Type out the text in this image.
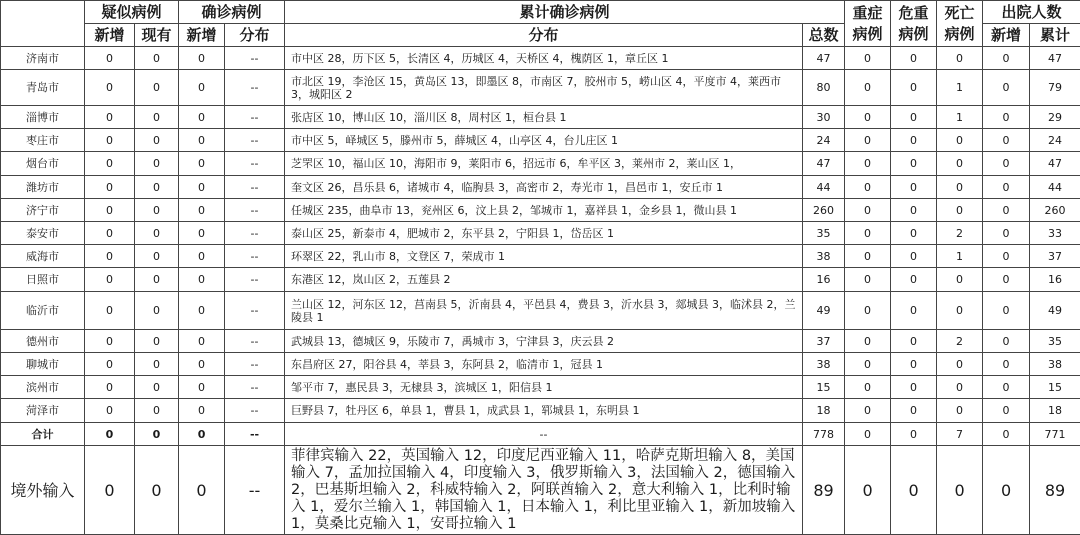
	疑似病例		确诊病例		累计确诊病例		重症病例	危重病例	死亡病例	出院人数	
	新增	现有	新增	分布	分布	总数				新增	累计
济南市	0	0	0	--	市中区 28，历下区 5，长清区 4，历城区 4，天桥区 4，槐荫区 1，章丘区 1	47	0	0	0	0	47
青岛市	0	0	0	--	市北区 19，李沧区 15，黄岛区 13，即墨区 8，市南区 7，胶州市 5，崂山区 4，平度市 4，莱西市 3，城阳区 2	80	0	0	1	0	79
淄博市	0	0	0	--	张店区 10，博山区 10，淄川区 8，周村区 1，桓台县 1	30	0	0	1	0	29
枣庄市	0	0	0	--	市中区 5，峄城区 5，滕州市 5，薛城区 4，山亭区 4，台儿庄区 1	24	0	0	0	0	24
烟台市	0	0	0	--	芝罘区 10，福山区 10，海阳市 9，莱阳市 6，招远市 6，牟平区 3，莱州市 2，莱山区 1，	47	0	0	0	0	47
潍坊市	0	0	0	--	奎文区 26，昌乐县 6，诸城市 4，临朐县 3，高密市 2，寿光市 1，昌邑市 1，安丘市 1	44	0	0	0	0	44
济宁市	0	0	0	--	任城区 235，曲阜市 13，兖州区 6，汶上县 2，邹城市 1，嘉祥县 1，金乡县 1，微山县 1	260	0	0	0	0	260
泰安市	0	0	0	--	泰山区 25，新泰市 4，肥城市 2，东平县 2，宁阳县 1，岱岳区 1	35	0	0	2	0	33
威海市	0	0	0	--	环翠区 22，乳山市 8，文登区 7，荣成市 1	38	0	0	1	0	37
日照市	0	0	0	--	东港区 12，岚山区 2，五莲县 2	16	0	0	0	0	16
临沂市	0	0	0	--	兰山区 12，河东区 12，莒南县 5，沂南县 4，平邑县 4，费县 3，沂水县 3，郯城县 3，临沭县 2，兰陵县 1	49	0	0	0	0	49
德州市	0	0	0	--	武城县 13，德城区 9，乐陵市 7，禹城市 3，宁津县 3，庆云县 2	37	0	0	2	0	35
聊城市	0	0	0	--	东昌府区 27，阳谷县 4，莘县 3，东阿县 2，临清市 1，冠县 1	38	0	0	0	0	38
滨州市	0	0	0	--	邹平市 7，惠民县 3，无棣县 3，滨城区 1，阳信县 1	15	0	0	0	0	15
菏泽市	0	0	0	--	巨野县 7，牡丹区 6，单县 1，曹县 1，成武县 1，郓城县 1，东明县 1	18	0	0	0	0	18
合计	0	0	0	--	--	778	0	0	7	0	771
境外输入	0	0	0	--	菲律宾输入 22，英国输入 12，印度尼西亚输入 11，哈萨克斯坦输入 8，美国输入 7，孟加拉国输入 4，印度输入 3，俄罗斯输入 3，法国输入 2，德国输入 2，巴基斯坦输入 2，科威特输入 2，阿联酋输入 2，意大利输入 1，比利时输入 1，爱尔兰输入 1，韩国输入 1，日本输入 1，利比里亚输入 1，新加坡输入 1，莫桑比克输入 1，安哥拉输入 1	89	0	0	0	0	89
